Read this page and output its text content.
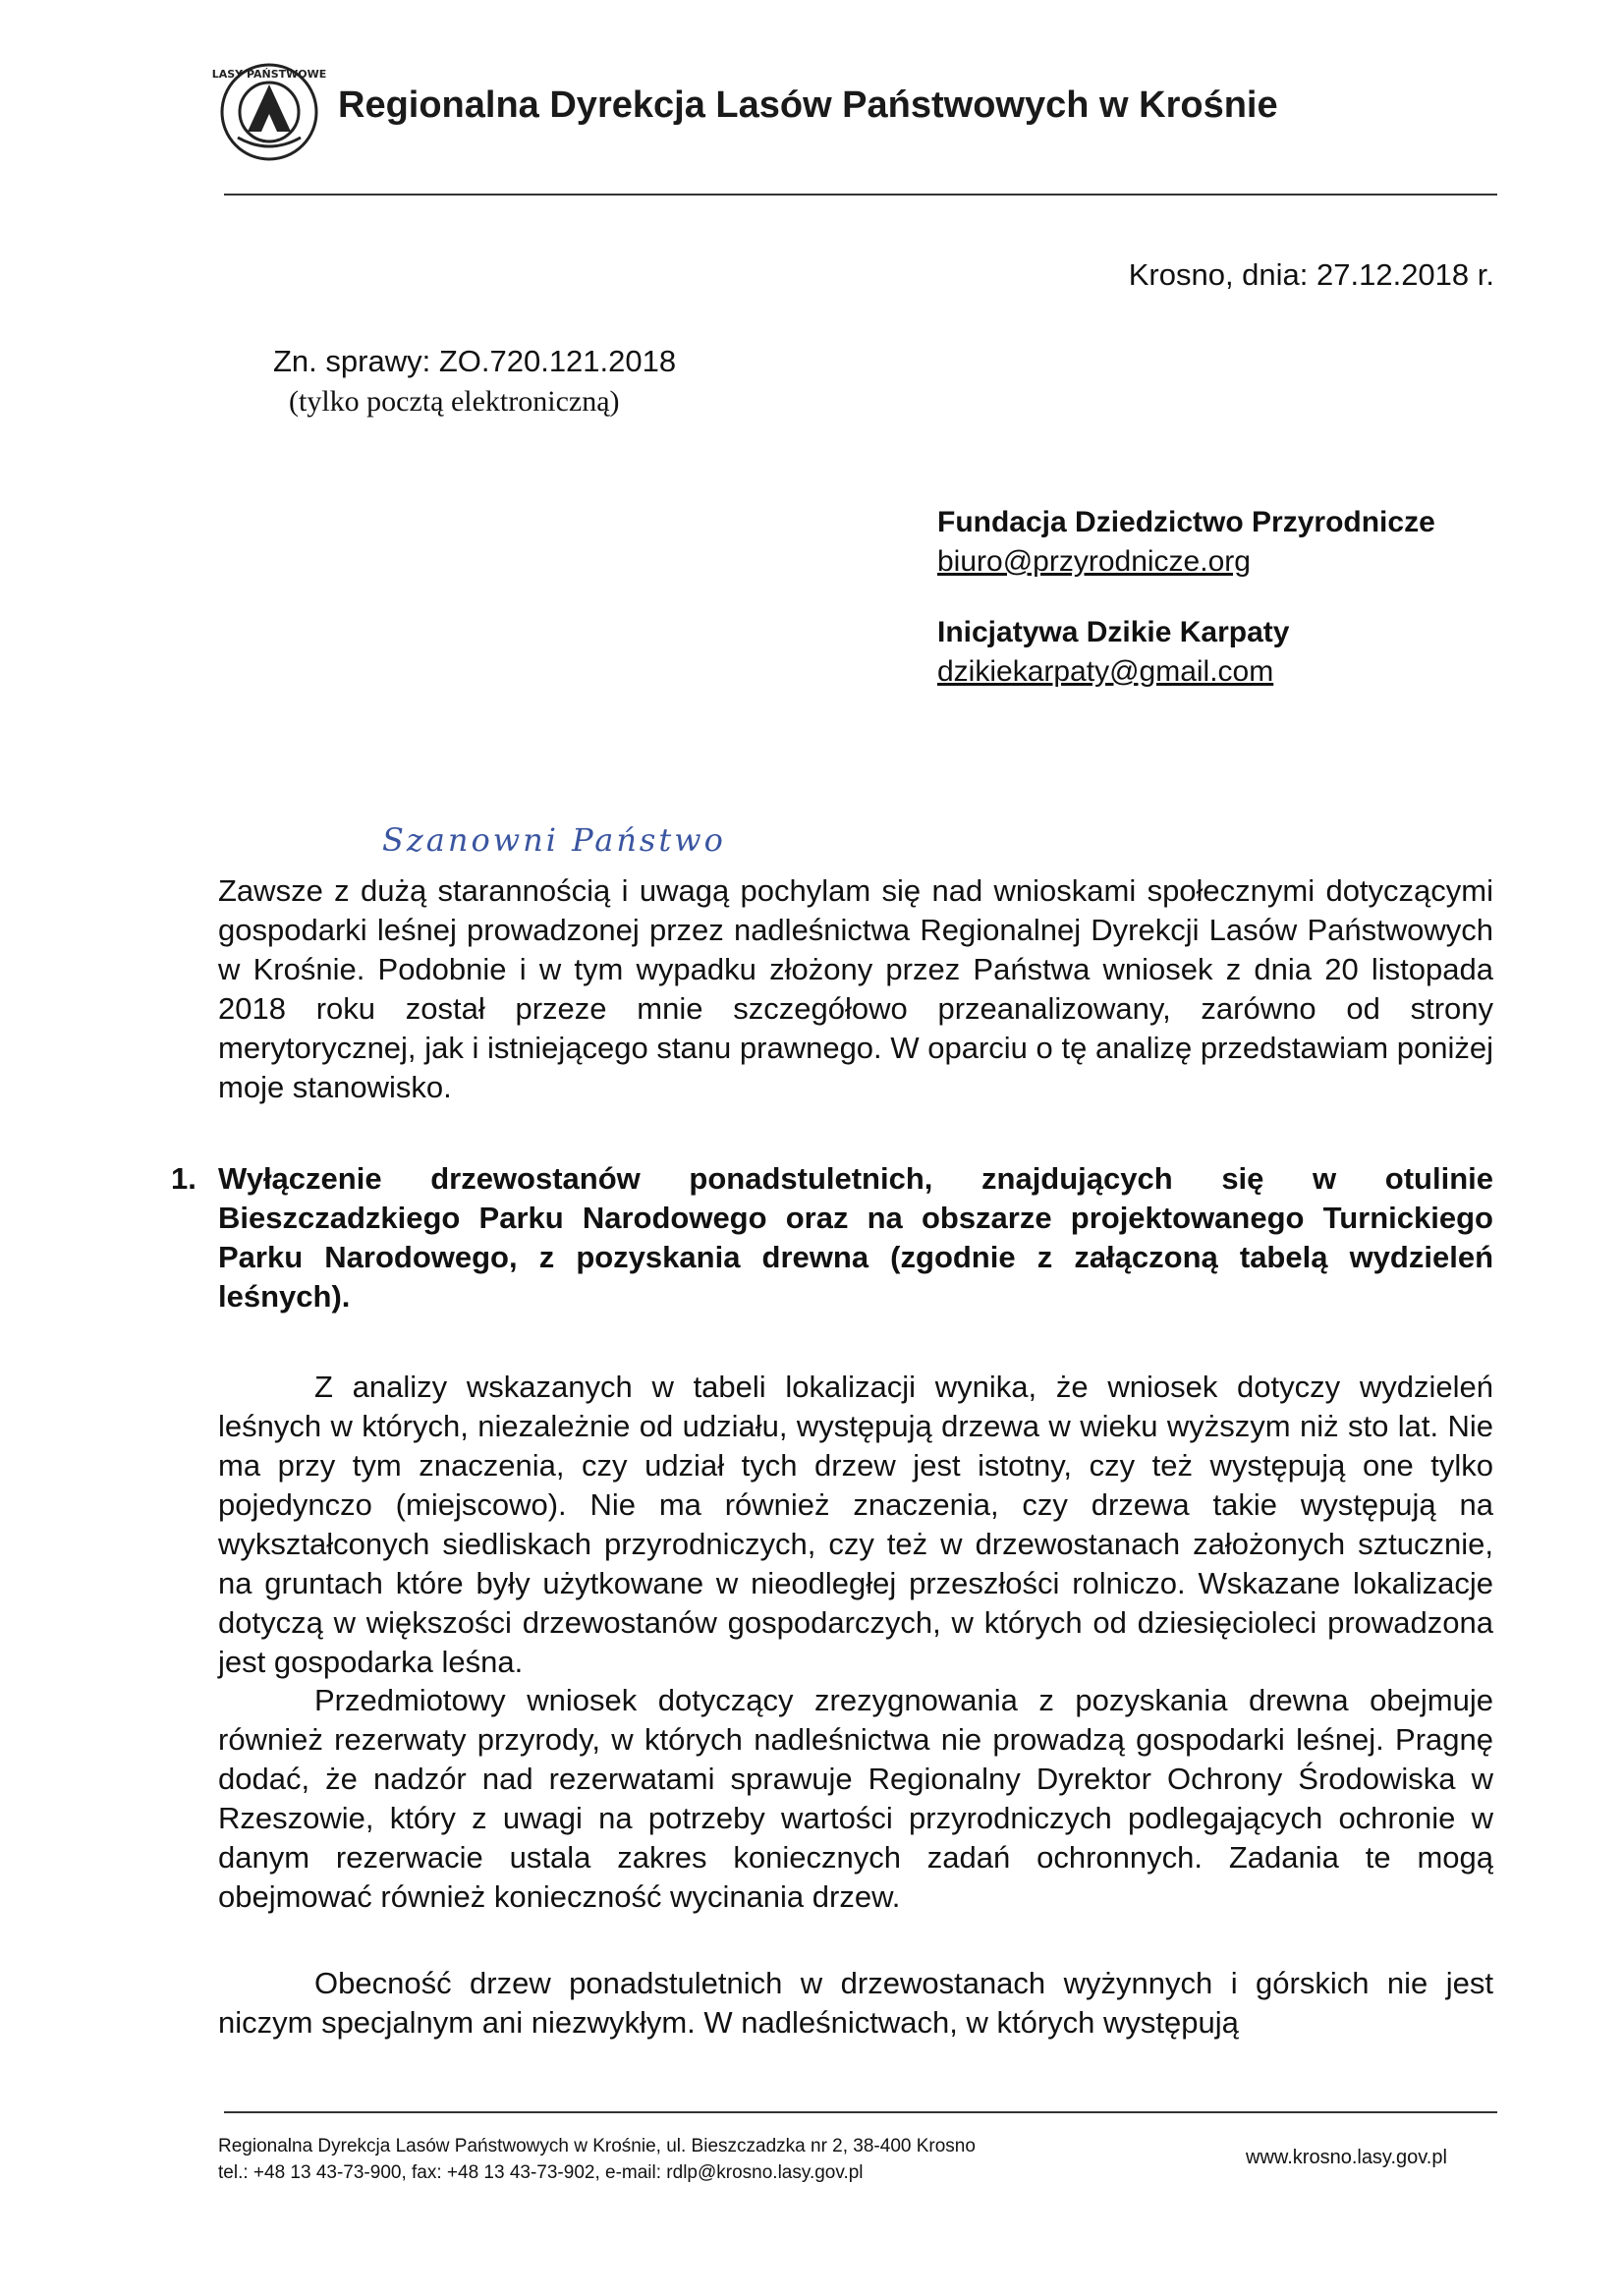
LASY PAŃSTWOWE
Regionalna Dyrekcja Lasów Państwowych w Krośnie
Krosno, dnia: 27.12.2018 r.
Zn. sprawy: ZO.720.121.2018
(tylko pocztą elektroniczną)
Fundacja Dziedzictwo Przyrodnicze
biuro@przyrodnicze.org
Inicjatywa Dzikie Karpaty
dzikiekarpaty@gmail.com
Szanowni Państwo

Zawsze z dużą starannością i uwagą pochylam się nad wnioskami społecznymi dotyczącymi gospodarki leśnej prowadzonej przez nadleśnictwa Regionalnej Dyrekcji Lasów Państwowych w Krośnie. Podobnie i w tym wypadku złożony przez Państwa wniosek z dnia 20 listopada 2018 roku został przeze mnie szczegółowo przeanalizowany, zarówno od strony merytorycznej, jak i istniejącego stanu prawnego. W oparciu o tę analizę przedstawiam poniżej moje stanowisko.

1. Wyłączenie drzewostanów ponadstuletnich, znajdujących się w otulinie Bieszczadzkiego Parku Narodowego oraz na obszarze projektowanego Turnickiego Parku Narodowego, z pozyskania drewna (zgodnie z załączoną tabelą wydzieleń leśnych).

Z analizy wskazanych w tabeli lokalizacji wynika, że wniosek dotyczy wydzieleń leśnych w których, niezależnie od udziału, występują drzewa w wieku wyższym niż sto lat. Nie ma przy tym znaczenia, czy udział tych drzew jest istotny, czy też występują one tylko pojedynczo (miejscowo). Nie ma również znaczenia, czy drzewa takie występują na wykształconych siedliskach przyrodniczych, czy też w drzewostanach założonych sztucznie, na gruntach które były użytkowane w nieodległej przeszłości rolniczo. Wskazane lokalizacje dotyczą w większości drzewostanów gospodarczych, w których od dziesięcioleci prowadzona jest gospodarka leśna.

Przedmiotowy wniosek dotyczący zrezygnowania z pozyskania drewna obejmuje również rezerwaty przyrody, w których nadleśnictwa nie prowadzą gospodarki leśnej. Pragnę dodać, że nadzór nad rezerwatami sprawuje Regionalny Dyrektor Ochrony Środowiska w Rzeszowie, który z uwagi na potrzeby wartości przyrodniczych podlegających ochronie w danym rezerwacie ustala zakres koniecznych zadań ochronnych. Zadania te mogą obejmować również konieczność wycinania drzew.

Obecność drzew ponadstuletnich w drzewostanach wyżynnych i górskich nie jest niczym specjalnym ani niezwykłym. W nadleśnictwach, w których występują

Regionalna Dyrekcja Lasów Państwowych w Krośnie, ul. Bieszczadzka nr 2, 38-400 Krosno
tel.: +48 13 43-73-900, fax: +48 13 43-73-902, e-mail: rdlp@krosno.lasy.gov.pl
www.krosno.lasy.gov.pl
